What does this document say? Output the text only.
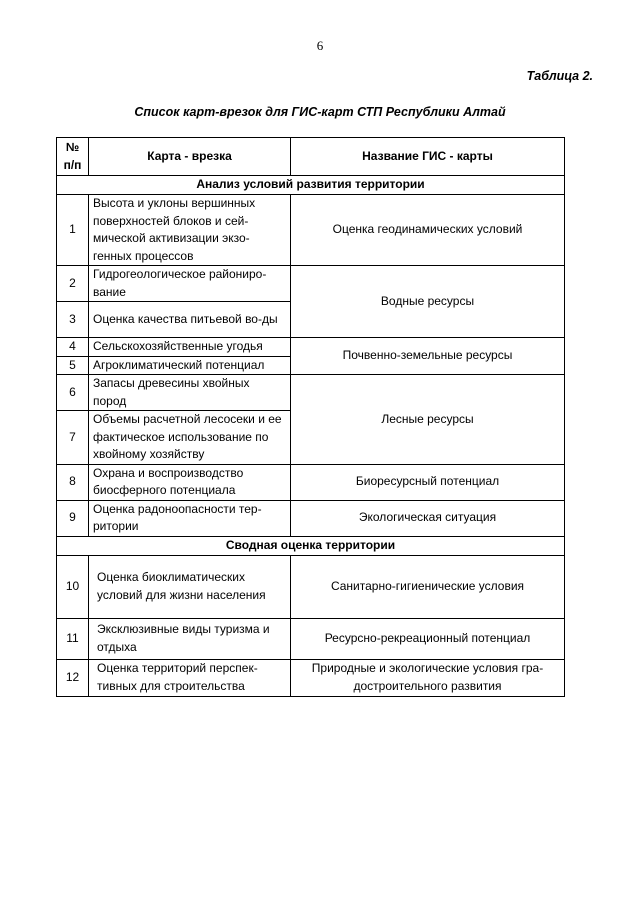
6
Таблица 2.
Список карт-врезок для ГИС-карт СТП Республики Алтай
№ п/п	Карта - врезка	Название ГИС - карты
Анализ условий развития территории		
1	Высота и уклоны вершинных поверхностей блоков и сей-мической активизации экзо-генных процессов	Оценка геодинамических условий
2	Гидрогеологическое райониро-вание	Водные ресурсы
3	Оценка качества питьевой во-ды	
4	Сельскохозяйственные угодья	Почвенно-земельные ресурсы
5	Агроклиматический потенциал	
6	Запасы древесины хвойных пород	Лесные ресурсы
7	Объемы расчетной лесосеки и ее фактическое использование по хвойному хозяйству	
8	Охрана и воспроизводство биосферного потенциала	Биоресурсный потенциал
9	Оценка радоноопасности тер-ритории	Экологическая ситуация
Сводная оценка территории		
10	Оценка биоклиматических условий для жизни населения	Санитарно-гигиенические условия
11	Эксклюзивные виды туризма и отдыха	Ресурсно-рекреационный потенциал
12	Оценка территорий перспек-тивных для строительства	Природные и экологические условия гра-достроительного развития
